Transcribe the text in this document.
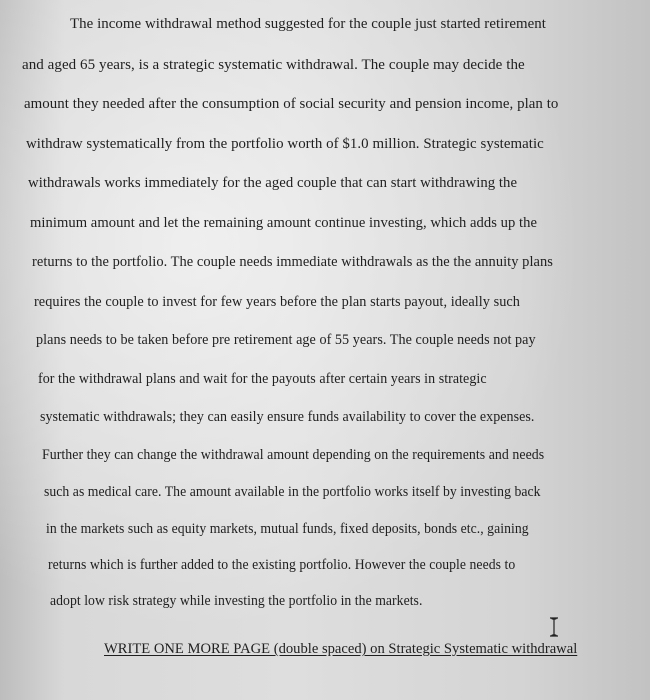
The income withdrawal method suggested for the couple just started retirement
and aged 65 years, is a strategic systematic withdrawal. The couple may decide the
amount they needed after the consumption of social security and pension income, plan to
withdraw systematically from the portfolio worth of $1.0 million. Strategic systematic
withdrawals works immediately for the aged couple that can start withdrawing the
minimum amount and let the remaining amount continue investing, which adds up the
returns to the portfolio. The couple needs immediate withdrawals as the the annuity plans
requires the couple to invest for few years before the plan starts payout, ideally such
plans needs to be taken before pre retirement age of 55 years. The couple needs not pay
for the withdrawal plans and wait for the payouts after certain years in strategic
systematic withdrawals; they can easily ensure funds availability to cover the expenses.
Further they can change the withdrawal amount depending on the requirements and needs
such as medical care. The amount available in the portfolio works itself by investing back
in the markets such as equity markets, mutual funds, fixed deposits, bonds etc., gaining
returns which is further added to the existing portfolio. However the couple needs to
adopt low risk strategy while investing the portfolio in the markets.
WRITE ONE MORE PAGE (double spaced) on Strategic Systematic withdrawal
